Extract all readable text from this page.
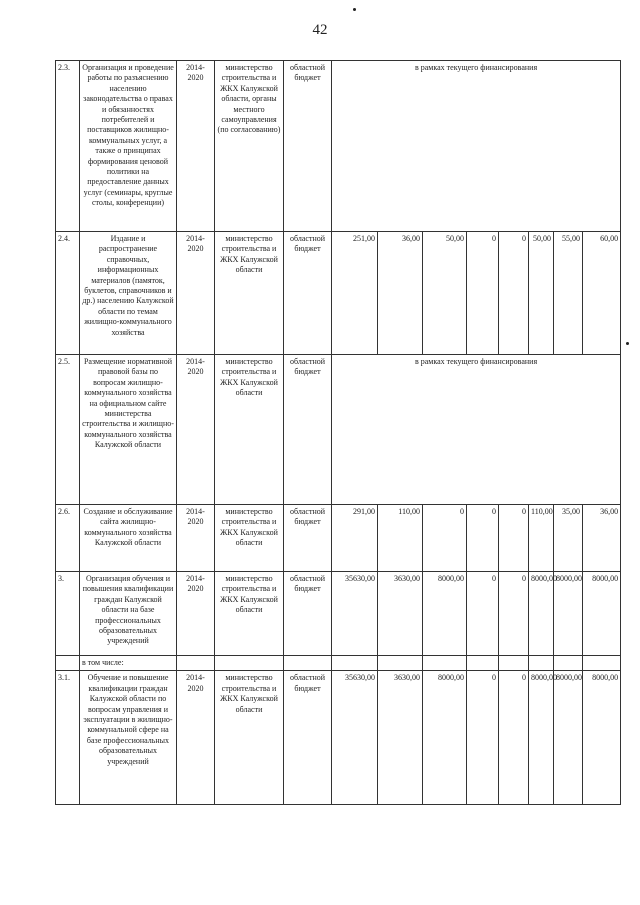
42
2.3.	Организация и проведение работы по разъяснению населению законодательства о правах и обязанностях потребителей и поставщиков жилищно-коммунальных услуг, а также о принципах формирования ценовой политики на предоставление данных услуг (семинары, круглые столы, конференции)	2014-2020	министерство строительства и ЖКХ Калужской области, органы местного самоуправления (по согласованию)	областной бюджет	в рамках текущего финансирования							
2.4.	Издание и распространение справочных, информационных материалов (памяток, буклетов, справочников и др.) населению Калужской области по темам жилищно-коммунального хозяйства	2014-2020	министерство строительства и ЖКХ Калужской области	областной бюджет	251,00	36,00	50,00	0	0	50,00	55,00	60,00
2.5.	Размещение нормативной правовой базы по вопросам жилищно-коммунального хозяйства на официальном сайте министерства строительства и жилищно-коммунального хозяйства Калужской области	2014-2020	министерство строительства и ЖКХ Калужской области	областной бюджет	в рамках текущего финансирования							
2.6.	Создание и обслуживание сайта жилищно-коммунального хозяйства Калужской области	2014-2020	министерство строительства и ЖКХ Калужской области	областной бюджет	291,00	110,00	0	0	0	110,00	35,00	36,00
3.	Организация обучения и повышения квалификации граждан Калужской области на базе профессиональных образовательных учреждений	2014-2020	министерство строительства и ЖКХ Калужской области	областной бюджет	35630,00	3630,00	8000,00	0	0	8000,00	8000,00	8000,00
	в том числе:											
3.1.	Обучение и повышение квалификации граждан Калужской области по вопросам управления и эксплуатации в жилищно-коммунальной сфере на базе профессиональных образовательных учреждений	2014-2020	министерство строительства и ЖКХ Калужской области	областной бюджет	35630,00	3630,00	8000,00	0	0	8000,00	8000,00	8000,00
